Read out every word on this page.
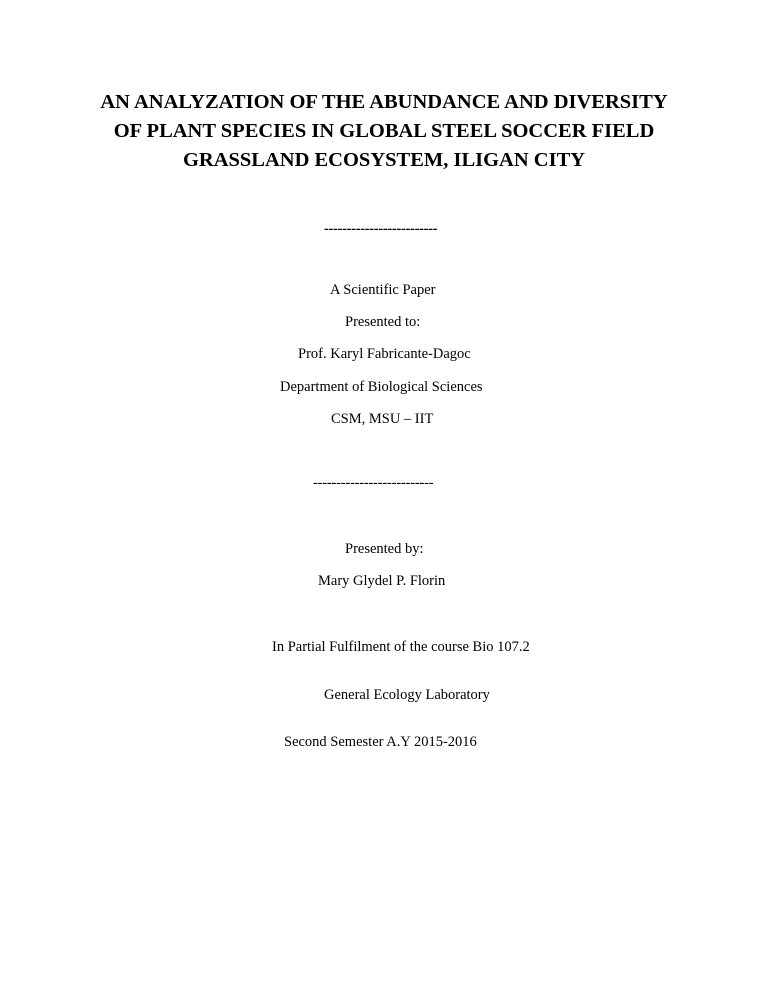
AN ANALYZATION OF THE ABUNDANCE AND DIVERSITY
OF PLANT SPECIES IN GLOBAL STEEL SOCCER FIELD
GRASSLAND ECOSYSTEM, ILIGAN CITY
-------------------------
A Scientific Paper
Presented to:
Prof. Karyl Fabricante-Dagoc
Department of Biological Sciences
CSM, MSU – IIT
--------------------------
Presented by:
Mary Glydel P. Florin
In Partial Fulfilment of the course Bio 107.2
General Ecology Laboratory
Second Semester A.Y 2015-2016
